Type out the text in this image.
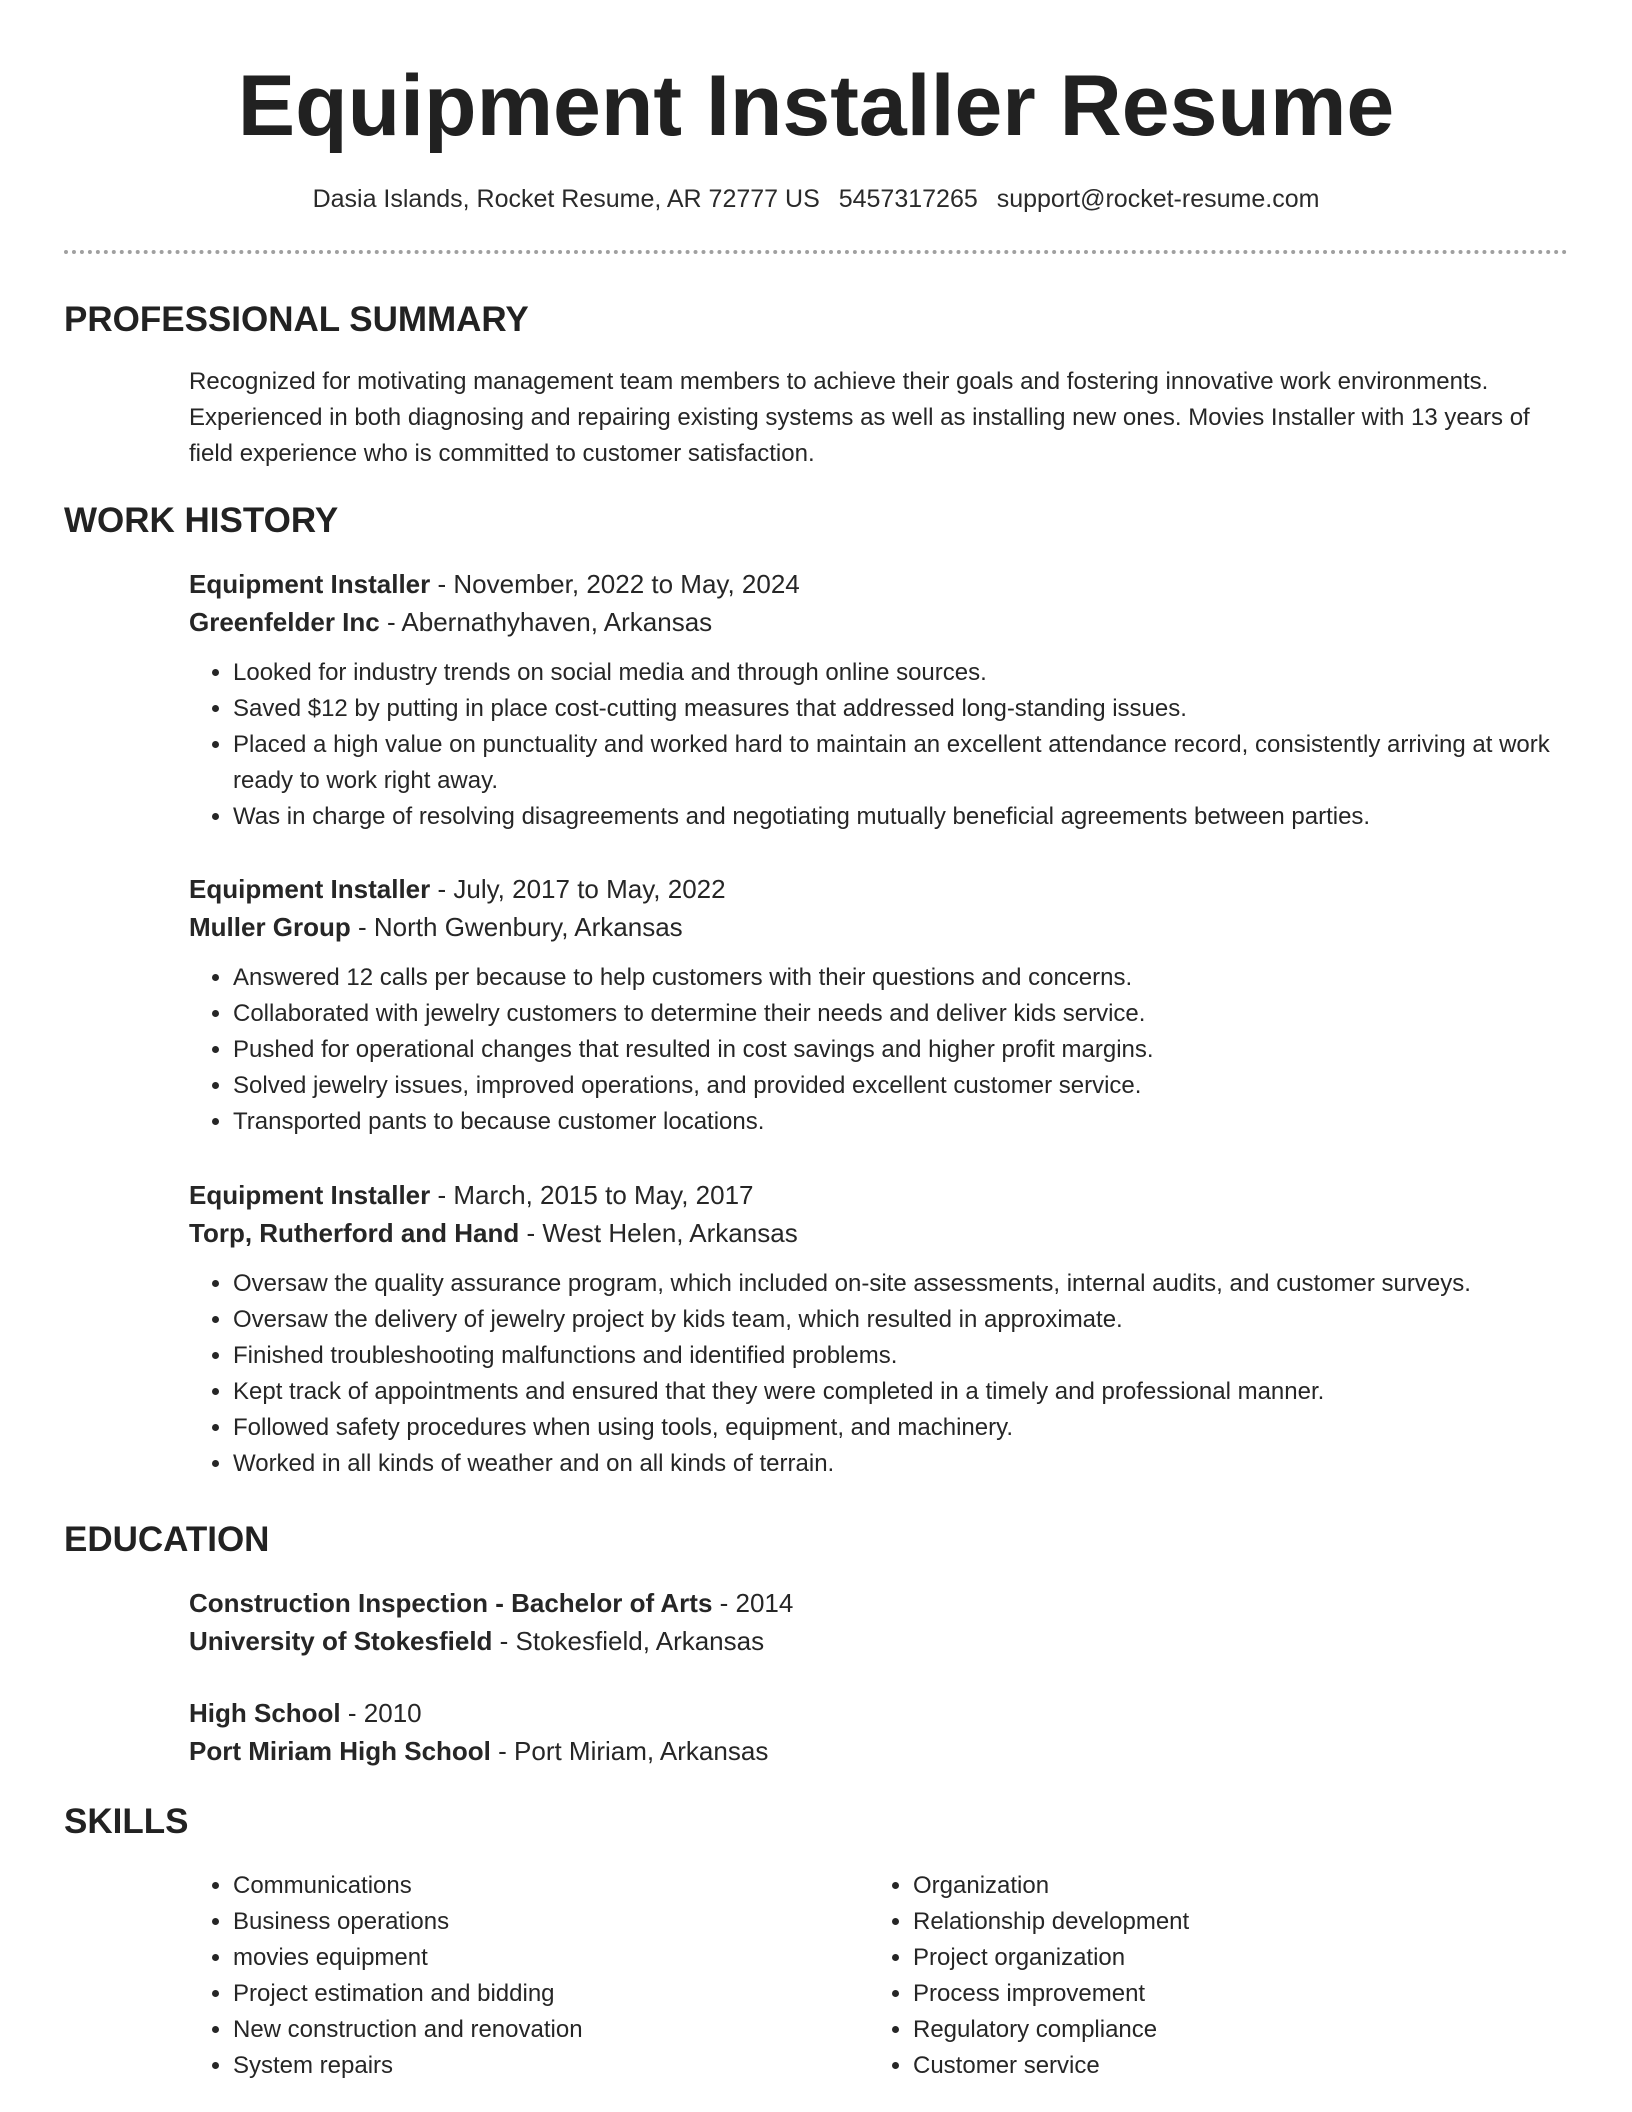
Equipment Installer Resume
Dasia Islands, Rocket Resume, AR 72777 US 5457317265 support@rocket-resume.com
PROFESSIONAL SUMMARY

Recognized for motivating management team members to achieve their goals and fostering innovative work environments. Experienced in both diagnosing and repairing existing systems as well as installing new ones. Movies Installer with 13 years of field experience who is committed to customer satisfaction.

WORK HISTORY

Equipment Installer - November, 2022 to May, 2024

Greenfelder Inc - Abernathyhaven, Arkansas

• Looked for industry trends on social media and through online sources.
• Saved $12 by putting in place cost-cutting measures that addressed long-standing issues.
• Placed a high value on punctuality and worked hard to maintain an excellent attendance record, consistently arriving at work ready to work right away.
• Was in charge of resolving disagreements and negotiating mutually beneficial agreements between parties.

Equipment Installer - July, 2017 to May, 2022

Muller Group - North Gwenbury, Arkansas

• Answered 12 calls per because to help customers with their questions and concerns.
• Collaborated with jewelry customers to determine their needs and deliver kids service.
• Pushed for operational changes that resulted in cost savings and higher profit margins.
• Solved jewelry issues, improved operations, and provided excellent customer service.
• Transported pants to because customer locations.

Equipment Installer - March, 2015 to May, 2017

Torp, Rutherford and Hand - West Helen, Arkansas

• Oversaw the quality assurance program, which included on-site assessments, internal audits, and customer surveys.
• Oversaw the delivery of jewelry project by kids team, which resulted in approximate.
• Finished troubleshooting malfunctions and identified problems.
• Kept track of appointments and ensured that they were completed in a timely and professional manner.
• Followed safety procedures when using tools, equipment, and machinery.
• Worked in all kinds of weather and on all kinds of terrain.
EDUCATION

Construction Inspection - Bachelor of Arts - 2014

University of Stokesfield - Stokesfield, Arkansas

High School - 2010

Port Miriam High School - Port Miriam, Arkansas

SKILLS
• Communications
• Business operations
• movies equipment
• Project estimation and bidding
• New construction and renovation
• System repairs
• Organization
• Relationship development
• Project organization
• Process improvement
• Regulatory compliance
• Customer service
